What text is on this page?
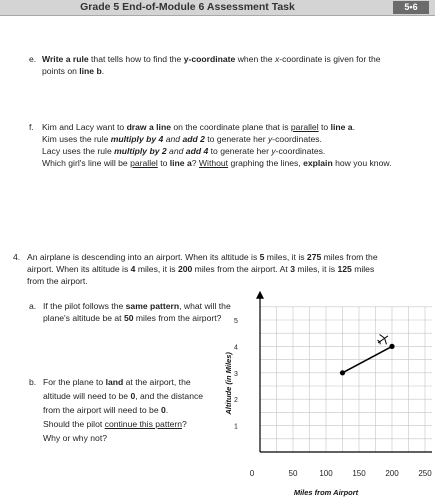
Grade 5 End-of-Module 6 Assessment Task	5•6
e. Write a rule that tells how to find the y-coordinate when the x-coordinate is given for the
points on line b.
f. Kim and Lacy want to draw a line on the coordinate plane that is parallel to line a.
Kim uses the rule multiply by 4 and add 2 to generate her y-coordinates.
Lacy uses the rule multiply by 2 and add 4 to generate her y-coordinates.
Which girl's line will be parallel to line a? Without graphing the lines, explain how you know.
4. An airplane is descending into an airport. When its altitude is 5 miles, it is 275 miles from the
airport. When its altitude is 4 miles, it is 200 miles from the airport. At 3 miles, it is 125 miles
from the airport.
a. If the pilot follows the same pattern, what will the
plane's altitude be at 50 miles from the airport?
b. For the plane to land at the airport, the
altitude will need to be 0, and the distance
from the airport will need to be 0.
Should the pilot continue this pattern?
Why or why not?
0	50	100 150 200 250
1
2
3
4
5
Miles from Airport
Altitude (in Miles)
